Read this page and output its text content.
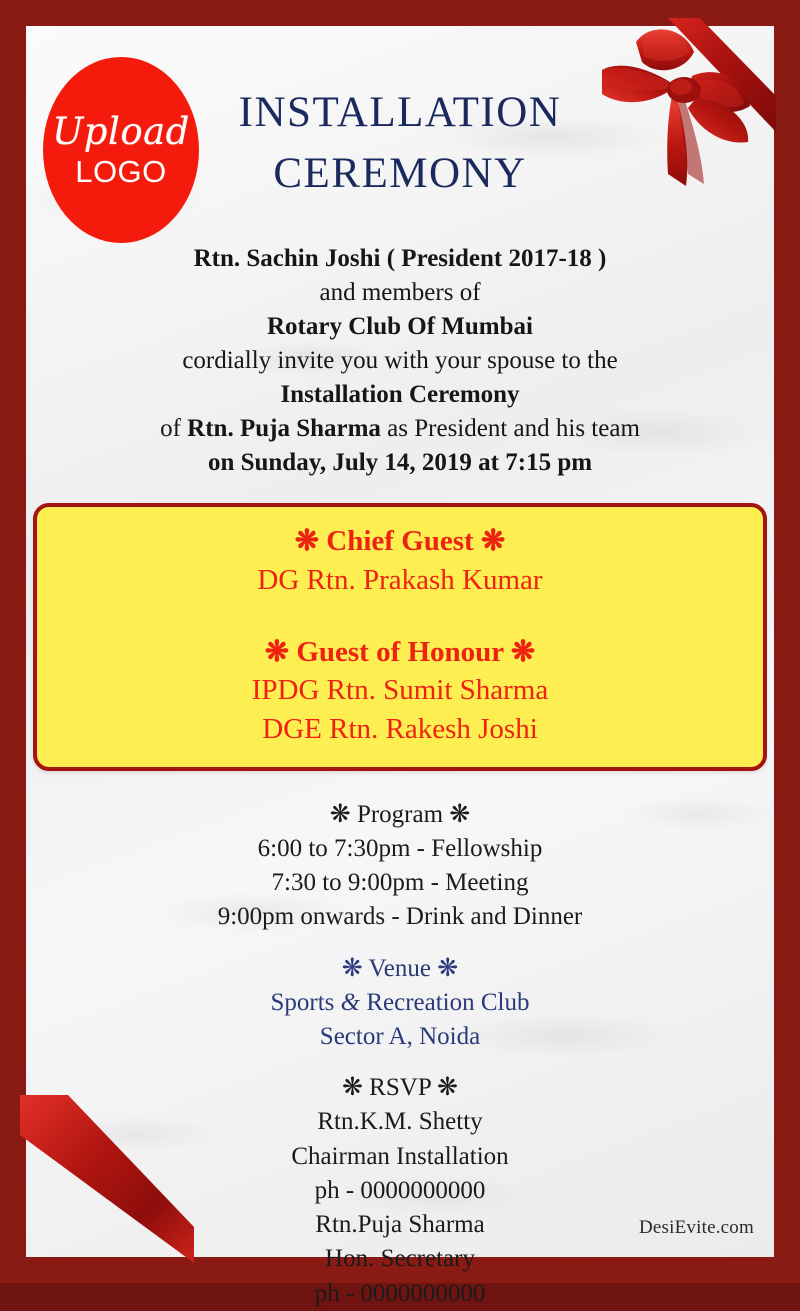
Upload
LOGO
INSTALLATION
CEREMONY
Rtn. Sachin Joshi ( President 2017-18 )
and members of
Rotary Club Of Mumbai
cordially invite you with your spouse to the
Installation Ceremony
of Rtn. Puja Sharma as President and his team
on Sunday, July 14, 2019 at 7:15 pm
❋ Chief Guest ❋
DG Rtn. Prakash Kumar
❋ Guest of Honour ❋
IPDG Rtn. Sumit Sharma
DGE Rtn. Rakesh Joshi
❋ Program ❋
6:00 to 7:30pm - Fellowship
7:30 to 9:00pm - Meeting
9:00pm onwards - Drink and Dinner
❋ Venue ❋
Sports & Recreation Club
Sector A, Noida
❋ RSVP ❋
Rtn.K.M. Shetty
Chairman Installation
ph - 0000000000
Rtn.Puja Sharma
Hon. Secretary
ph - 0000000000
DesiEvite.com
